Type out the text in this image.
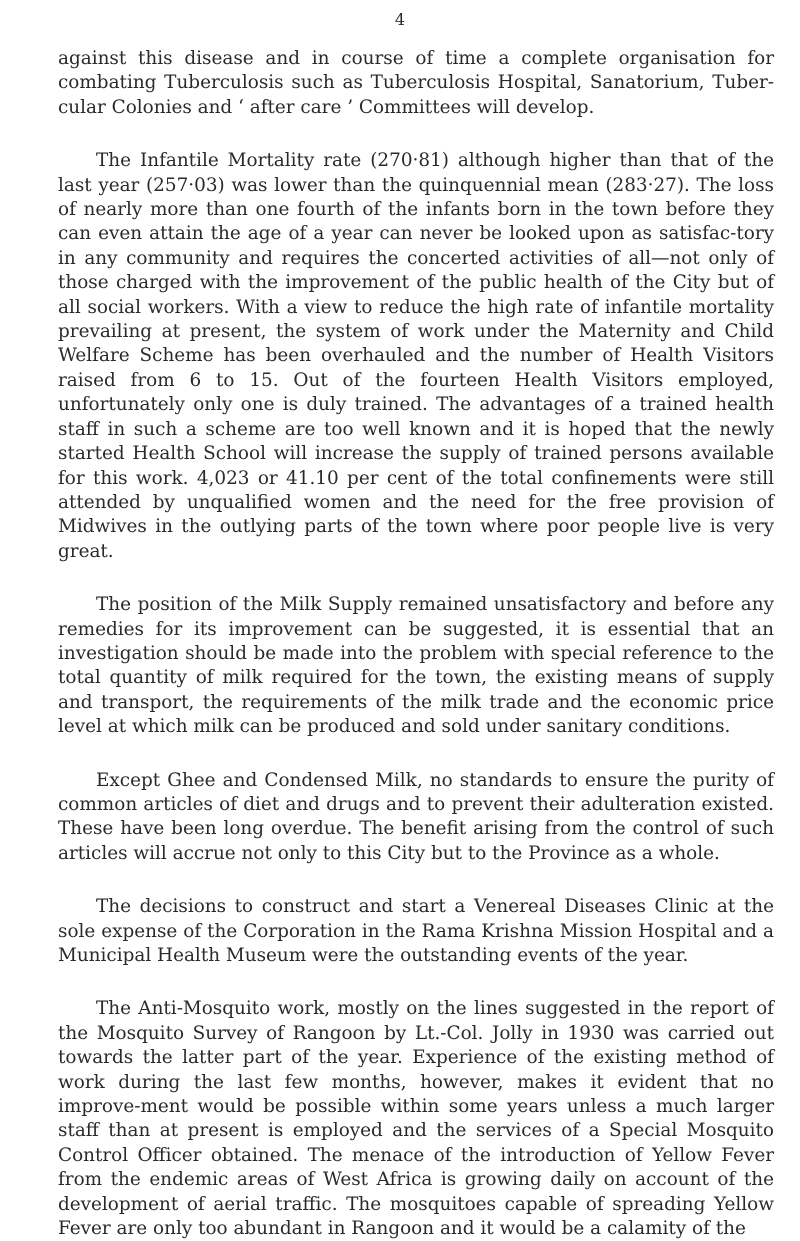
4

against this disease and in course of time a complete organisation for combating Tuberculosis such as Tuberculosis Hospital, Sanatorium, Tuber-cular Colonies and ‘ after care ’ Committees will develop.

The Infantile Mortality rate (270·81) although higher than that of the last year (257·03) was lower than the quinquennial mean (283·27). The loss of nearly more than one fourth of the infants born in the town before they can even attain the age of a year can never be looked upon as satisfac-tory in any community and requires the concerted activities of all—not only of those charged with the improvement of the public health of the City but of all social workers. With a view to reduce the high rate of infantile mortality prevailing at present, the system of work under the Maternity and Child Welfare Scheme has been overhauled and the number of Health Visitors raised from 6 to 15. Out of the fourteen Health Visitors employed, unfortunately only one is duly trained. The advantages of a trained health staff in such a scheme are too well known and it is hoped that the newly started Health School will increase the supply of trained persons available for this work. 4,023 or 41.10 per cent of the total confinements were still attended by unqualified women and the need for the free provision of Midwives in the outlying parts of the town where poor people live is very great.

The position of the Milk Supply remained unsatisfactory and before any remedies for its improvement can be suggested, it is essential that an investigation should be made into the problem with special reference to the total quantity of milk required for the town, the existing means of supply and transport, the requirements of the milk trade and the economic price level at which milk can be produced and sold under sanitary conditions.

Except Ghee and Condensed Milk, no standards to ensure the purity of common articles of diet and drugs and to prevent their adulteration existed. These have been long overdue. The benefit arising from the control of such articles will accrue not only to this City but to the Province as a whole.

The decisions to construct and start a Venereal Diseases Clinic at the sole expense of the Corporation in the Rama Krishna Mission Hospital and a Municipal Health Museum were the outstanding events of the year.

The Anti-Mosquito work, mostly on the lines suggested in the report of the Mosquito Survey of Rangoon by Lt.-Col. Jolly in 1930 was carried out towards the latter part of the year. Experience of the existing method of work during the last few months, however, makes it evident that no improve-ment would be possible within some years unless a much larger staff than at present is employed and the services of a Special Mosquito Control Officer obtained. The menace of the introduction of Yellow Fever from the endemic areas of West Africa is growing daily on account of the development of aerial traffic. The mosquitoes capable of spreading Yellow Fever are only too abundant in Rangoon and it would be a calamity of the
